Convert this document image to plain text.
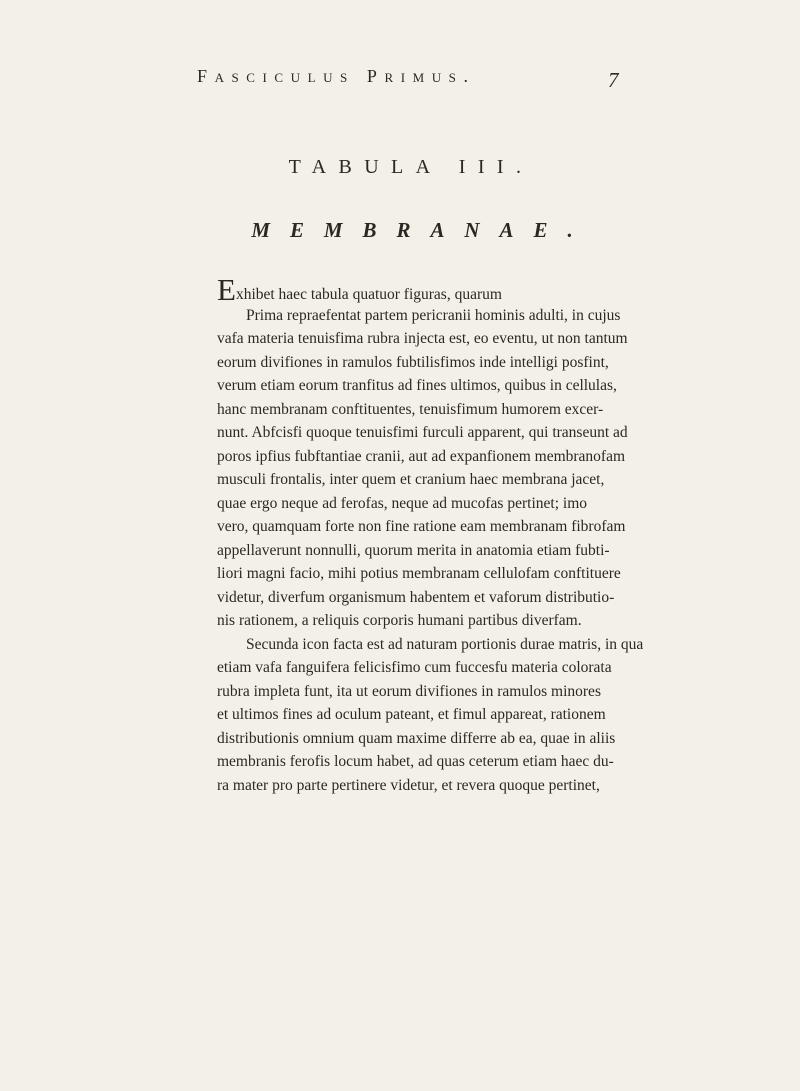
Fasciculus Primus.	7
TABULA III.
MEMBRANAE.
Exhibet haec tabula quatuor figuras, quarum
Prima repraefentat partem pericranii hominis adulti, in cujus
vafa materia tenuisfima rubra injecta est, eo eventu, ut non tantum
eorum divifiones in ramulos fubtilisfimos inde intelligi posfint,
verum etiam eorum tranfitus ad fines ultimos, quibus in cellulas,
hanc membranam conftituentes, tenuisfimum humorem excer-
nunt. Abfcisfi quoque tenuisfimi furculi apparent, qui transeunt ad
poros ipfius fubftantiae cranii, aut ad expanfionem membranofam
musculi frontalis, inter quem et cranium haec membrana jacet,
quae ergo neque ad ferofas, neque ad mucofas pertinet; imo
vero, quamquam forte non fine ratione eam membranam fibrofam
appellaverunt nonnulli, quorum merita in anatomia etiam fubti-
liori magni facio, mihi potius membranam cellulofam conftituere
videtur, diverfum organismum habentem et vaforum distributio-
nis rationem, a reliquis corporis humani partibus diverfam.
Secunda icon facta est ad naturam portionis durae matris, in qua
etiam vafa fanguifera felicisfimo cum fuccesfu materia colorata
rubra impleta funt, ita ut eorum divifiones in ramulos minores
et ultimos fines ad oculum pateant, et fimul appareat, rationem
distributionis omnium quam maxime differre ab ea, quae in aliis
membranis ferofis locum habet, ad quas ceterum etiam haec du-
ra mater pro parte pertinere videtur, et revera quoque pertinet,
